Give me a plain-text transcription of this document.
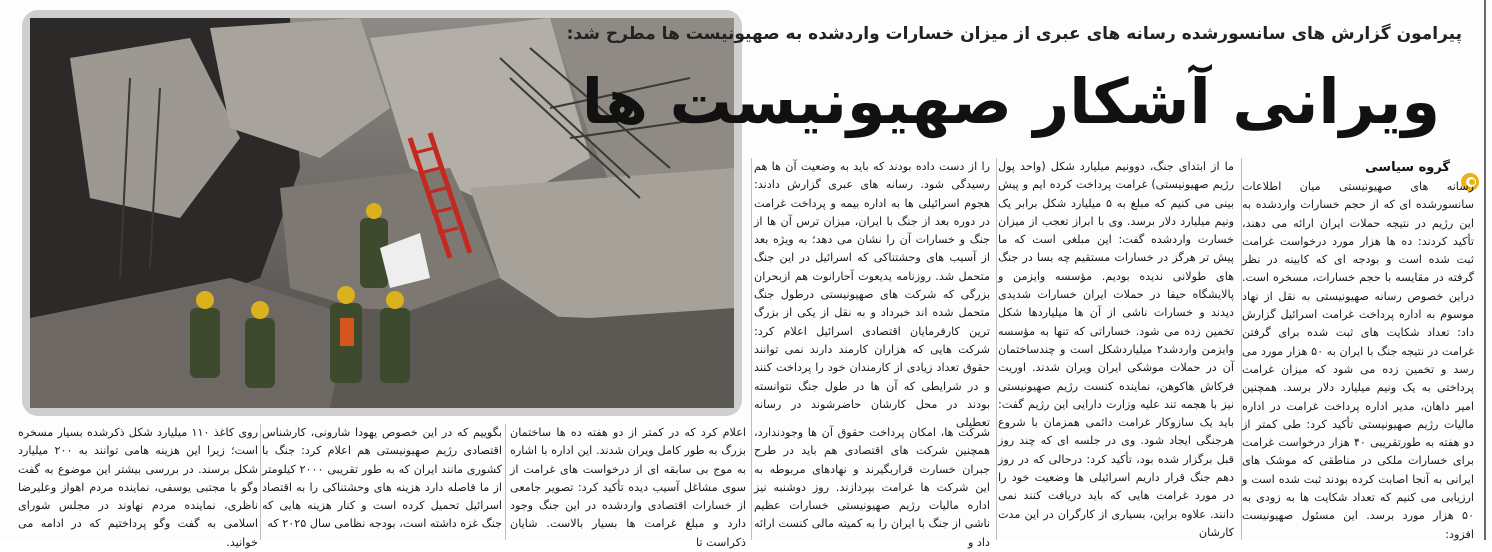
پیرامون گزارش های سانسورشده رسانه های عبری از میزان خسارات واردشده به صهیونیست ها مطرح شد:
ویرانی آشکار صهیونیست ها
گروه سیاسی

رسانه های صهیونیستی میان اطلاعات سانسورشده ای که از حجم خسارات واردشده به این رژیم در نتیجه حملات ایران ارائه می دهند، تأکید کردند: ده ها هزار مورد درخواست غرامت ثبت شده است و بودجه ای که کابینه در نظر گرفته در مقایسه با حجم خسارات، مسخره است. دراین خصوص رسانه صهیونیستی به نقل از نهاد موسوم به اداره پرداخت غرامت اسرائیل گزارش داد: تعداد شکایت های ثبت شده برای گرفتن غرامت در نتیجه جنگ با ایران به ۵۰ هزار مورد می رسد و تخمین زده می شود که میزان غرامت پرداختی به یک ونیم میلیارد دلار برسد. همچنین امیر داهان، مدیر اداره پرداخت غرامت در اداره مالیات رژیم صهیونیستی تأکید کرد: طی کمتر از دو هفته به طورتقریبی ۴۰ هزار درخواست غرامت برای خسارات ملکی در مناطقی که موشک های ایرانی به آنجا اصابت کرده بودند ثبت شده است و ارزیابی می کنیم که تعداد شکایت ها به زودی به ۵۰ هزار مورد برسد. این مسئول صهیونیست افزود:

ما از ابتدای جنگ، دوونیم میلیارد شکل (واحد پول رژیم صهیونیستی) غرامت پرداخت کرده ایم و پیش بینی می کنیم که مبلغ به ۵ میلیارد شکل برابر یک ونیم میلیارد دلار برسد. وی با ابراز تعجب از میزان خسارت واردشده گفت: این مبلغی است که ما پیش تر هرگز در خسارات مستقیم چه بسا در جنگ های طولانی ندیده بودیم. مؤسسه وایزمن و پالایشگاه حیفا در حملات ایران خسارات شدیدی دیدند و خسارات ناشی از آن ها میلیاردها شکل تخمین زده می شود. خساراتی که تنها به مؤسسه وایزمن واردشد۲ میلیاردشکل است و چندساختمان آن در حملات موشکی ایران ویران شدند. اوریت فرکاش هاکوهن، نماینده کنست رژیم صهیونیستی نیز با هجمه تند علیه وزارت دارایی این رژیم گفت: باید یک سازوکار غرامت دائمی همزمان با شروع هرجنگی ایجاد شود. وی در جلسه ای که چند روز قبل برگزار شده بود، تأکید کرد: درحالی که در روز دهم جنگ قرار داریم اسرائیلی ها وضعیت خود را در مورد غرامت هایی که باید دریافت کنند نمی دانند. علاوه براین، بسیاری از کارگران در این مدت کارشان

را از دست داده بودند که باید به وضعیت آن ها هم رسیدگی شود. رسانه های عبری گزارش دادند: هجوم اسرائیلی ها به اداره بیمه و پرداخت غرامت در دوره بعد از جنگ با ایران، میزان ترس آن ها از جنگ و خسارات آن را نشان می دهد؛ به ویژه بعد از آسیب های وحشتناکی که اسرائیل در این جنگ متحمل شد. روزنامه یدیعوت آحارانوت هم ازبحران بزرگی که شرکت های صهیونیستی درطول جنگ متحمل شده اند خبرداد و به نقل از یکی از بزرگ ترین کارفرمایان اقتصادی اسرائیل اعلام کرد: شرکت هایی که هزاران کارمند دارند نمی توانند حقوق تعداد زیادی از کارمندان خود را پرداخت کنند و در شرایطی که آن ها در طول جنگ نتوانسته بودند در محل کارشان حاضرشوند در رسانه تعطیلی

شرکت ها، امکان پرداخت حقوق آن ها وجودندارد، همچنین شرکت های اقتصادی هم باید در طرح جبران خسارت قراربگیرند و نهادهای مربوطه به این شرکت ها غرامت بپردازند. روز دوشنبه نیز اداره مالیات رژیم صهیونیستی خسارات عظیم ناشی از جنگ با ایران را به کمیته مالی کنست ارائه داد و

اعلام کرد که در کمتر از دو هفته ده ها ساختمان بزرگ به طور کامل ویران شدند. این اداره با اشاره به موج بی سابقه ای از درخواست های غرامت از سوی مشاغل آسیب دیده تأکید کرد: تصویر جامعی از خسارات اقتصادی واردشده در این جنگ وجود دارد و مبلغ غرامت ها بسیار بالاست. شایان ذکراست تا

بگوییم که در این خصوص یهودا شارونی، کارشناس اقتصادی رژیم صهیونیستی هم اعلام کرد: جنگ با کشوری مانند ایران که به طور تقریبی ۲۰۰۰ کیلومتر از ما فاصله دارد هزینه های وحشتناکی را به اقتصاد اسرائیل تحمیل کرده است و کنار هزینه هایی که جنگ غزه داشته است، بودجه نظامی سال ۲۰۲۵ که

روی کاغذ ۱۱۰ میلیارد شکل ذکرشده بسیار مسخره است؛ زیرا این هزینه هامی توانند به ۲۰۰ میلیارد شکل برسند. در بررسی بیشتر این موضوع به گفت وگو با مجتبی یوسفی، نماینده مردم اهواز وعلیرضا ناظری، نماینده مردم نهاوند در مجلس شورای اسلامی به گفت وگو پرداختیم که در ادامه می خوانید.
